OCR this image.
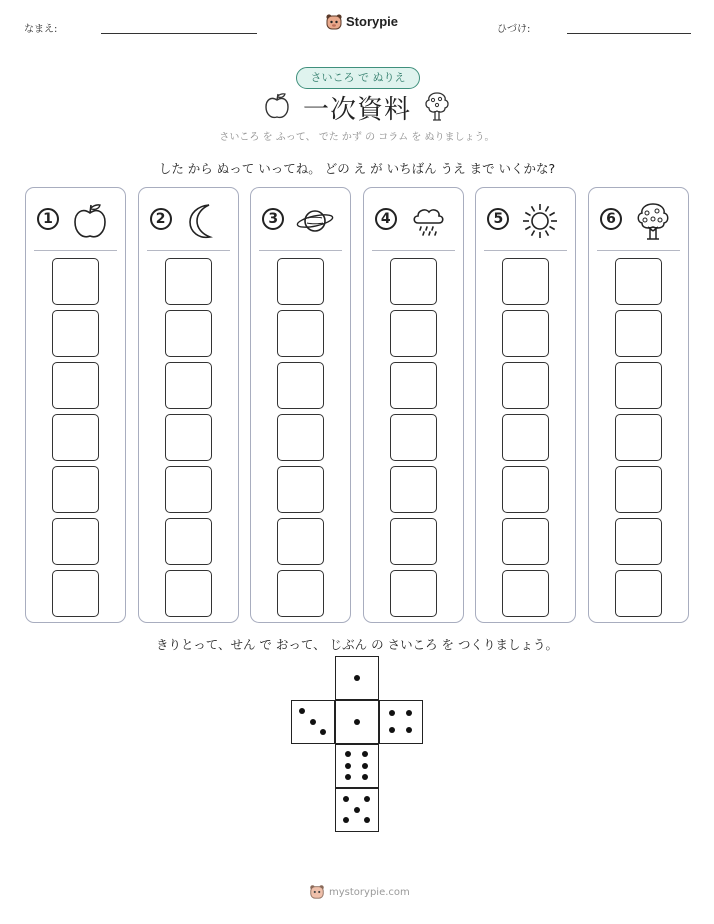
なまえ:
Storypie
ひづけ:
さいころ で ぬりえ
一次資料
さいころ を ふって、 でた かず の コラム を ぬりましょう。
した から ぬって いってね。 どの え が いちばん うえ まで いくかな?
1	2	3	4	5	6
きりとって、せん で おって、 じぶん の さいころ を つくりましょう。
mystorypie.com
